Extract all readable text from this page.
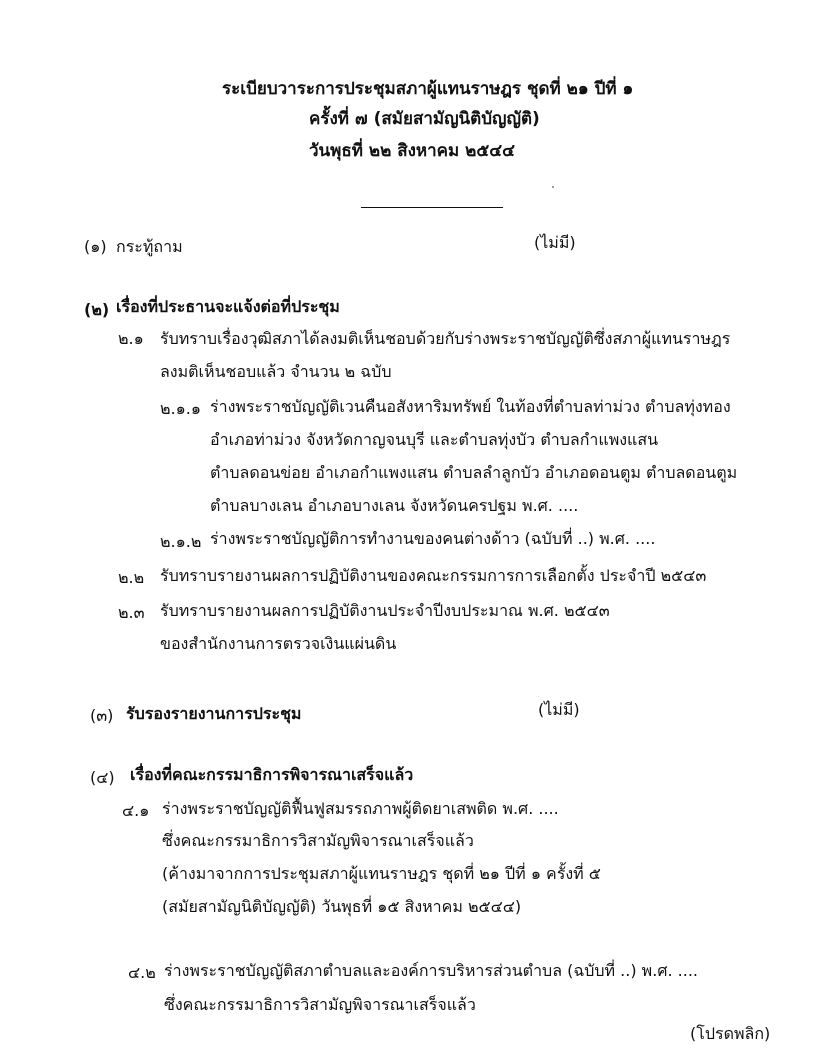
ระเบียบวาระการประชุมสภาผู้แทนราษฎร ชุดที่ ๒๑ ปีที่ ๑
ครั้งที่ ๗ (สมัยสามัญนิติบัญญัติ)
วันพุธที่ ๒๒ สิงหาคม ๒๕๔๔
(๑) กระทู้ถาม	(ไม่มี)
(๒) เรื่องที่ประธานจะแจ้งต่อที่ประชุม
๒.๑ รับทราบเรื่องวุฒิสภาได้ลงมติเห็นชอบด้วยกับร่างพระราชบัญญัติซึ่งสภาผู้แทนราษฎร
ลงมติเห็นชอบแล้ว จำนวน ๒ ฉบับ
๒.๑.๑ ร่างพระราชบัญญัติเวนคืนอสังหาริมทรัพย์ ในท้องที่ตำบลท่าม่วง ตำบลทุ่งทอง
อำเภอท่าม่วง จังหวัดกาญจนบุรี และตำบลทุ่งบัว ตำบลกำแพงแสน
ตำบลดอนข่อย อำเภอกำแพงแสน ตำบลลำลูกบัว อำเภอดอนตูม ตำบลดอนตูม
ตำบลบางเลน อำเภอบางเลน จังหวัดนครปฐม พ.ศ. ....
๒.๑.๒ ร่างพระราชบัญญัติการทำงานของคนต่างด้าว (ฉบับที่ ..) พ.ศ. ....
๒.๒ รับทราบรายงานผลการปฏิบัติงานของคณะกรรมการการเลือกตั้ง ประจำปี ๒๕๔๓
๒.๓ รับทราบรายงานผลการปฏิบัติงานประจำปีงบประมาณ พ.ศ. ๒๕๔๓
ของสำนักงานการตรวจเงินแผ่นดิน
(๓) รับรองรายงานการประชุม	(ไม่มี)
(๔) เรื่องที่คณะกรรมาธิการพิจารณาเสร็จแล้ว
๔.๑ ร่างพระราชบัญญัติฟื้นฟูสมรรถภาพผู้ติดยาเสพติด พ.ศ. ....
ซึ่งคณะกรรมาธิการวิสามัญพิจารณาเสร็จแล้ว
(ค้างมาจากการประชุมสภาผู้แทนราษฎร ชุดที่ ๒๑ ปีที่ ๑ ครั้งที่ ๕
(สมัยสามัญนิติบัญญัติ) วันพุธที่ ๑๕ สิงหาคม ๒๕๔๔)
๔.๒ ร่างพระราชบัญญัติสภาตำบลและองค์การบริหารส่วนตำบล (ฉบับที่ ..) พ.ศ. ....
ซึ่งคณะกรรมาธิการวิสามัญพิจารณาเสร็จแล้ว
(โปรดพลิก)
